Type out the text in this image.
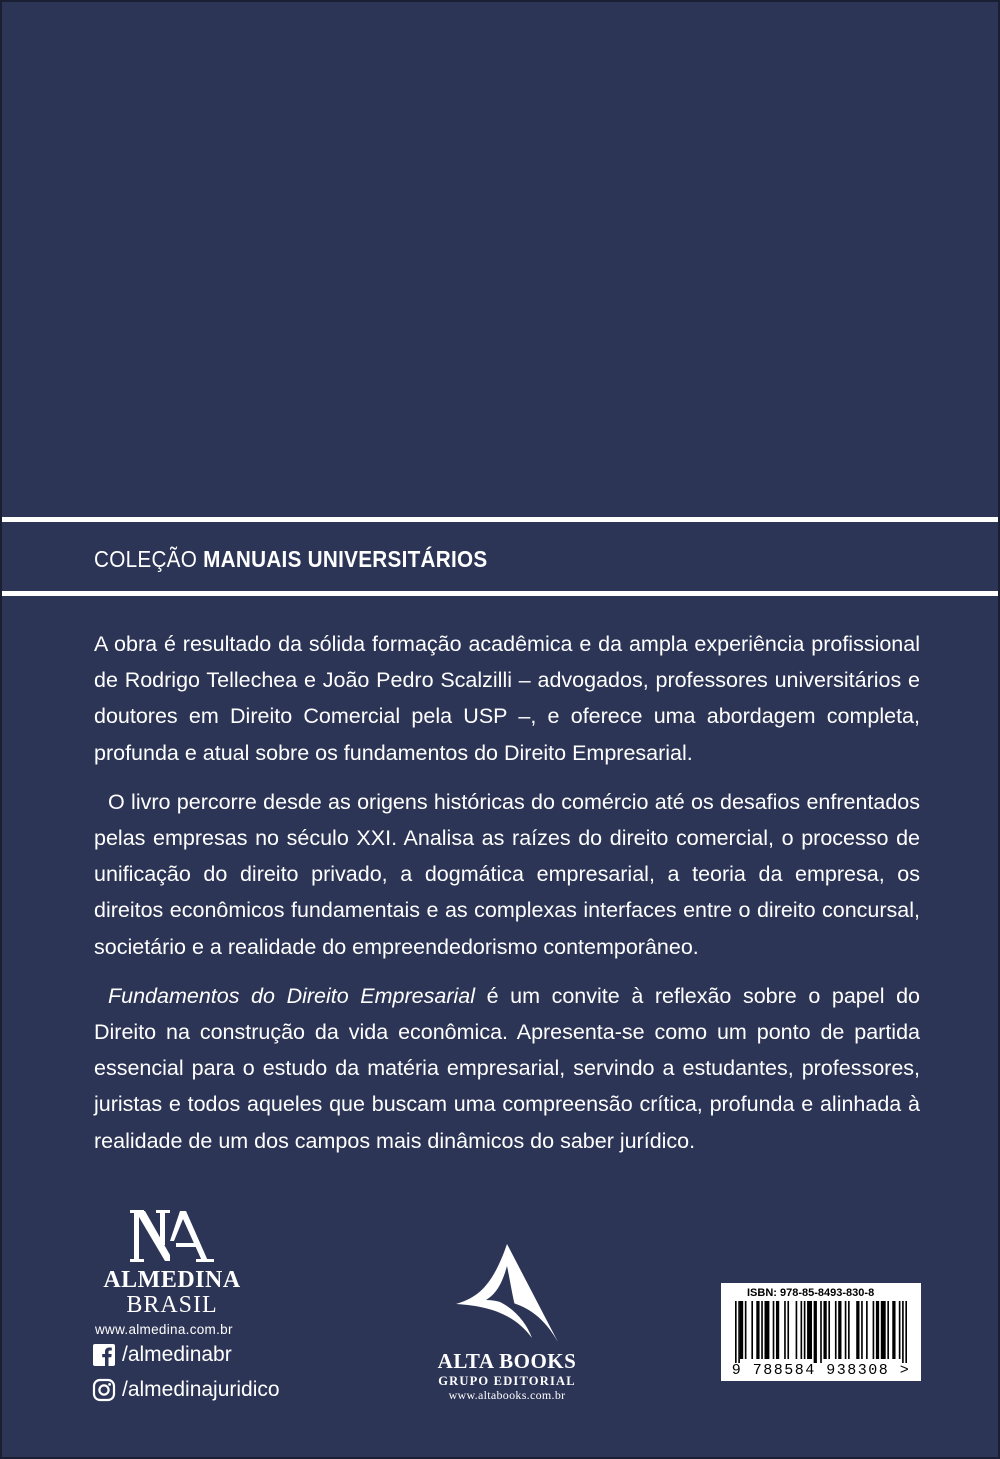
COLEÇÃO MANUAIS UNIVERSITÁRIOS

A obra é resultado da sólida formação acadêmica e da ampla experiência profissional de Rodrigo Tellechea e João Pedro Scalzilli – advogados, professores universitários e doutores em Direito Comercial pela USP –, e oferece uma abordagem completa, profunda e atual sobre os fundamentos do Direito Empresarial.

O livro percorre desde as origens históricas do comércio até os desafios enfrentados pelas empresas no século XXI. Analisa as raízes do direito comercial, o processo de unificação do direito privado, a dogmática empresarial, a teoria da empresa, os direitos econômicos fundamentais e as complexas interfaces entre o direito concursal, societário e a realidade do empreendedorismo contemporâneo.

Fundamentos do Direito Empresarial é um convite à reflexão sobre o papel do Direito na construção da vida econômica. Apresenta-se como um ponto de partida essencial para o estudo da matéria empresarial, servindo a estudantes, professores, juristas e todos aqueles que buscam uma compreensão crítica, profunda e alinhada à realidade de um dos campos mais dinâmicos do saber jurídico.

ALMEDINA
BRASIL
www.almedina.com.br
/almedinabr
/almedinajuridico
ALTA BOOKS
GRUPO EDITORIAL
www.altabooks.com.br
ISBN: 978-85-8493-830-8
9 788584 938308 >
